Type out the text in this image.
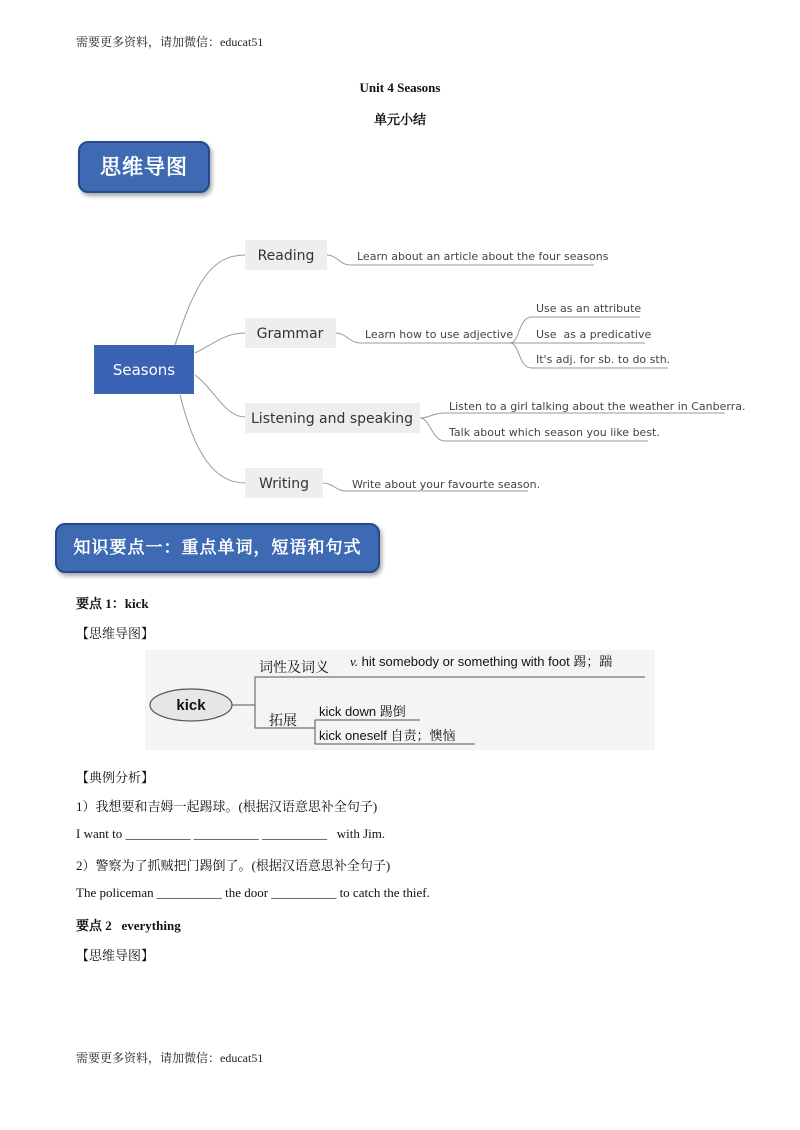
需要更多资料，请加微信：educat51
Unit 4 Seasons
单元小结
思维导图
Seasons
Reading	Learn about an article about the four seasons
Grammar	Learn how to use adjective
Use as an attribute
Use  as a predicative
It's adj. for sb. to do sth.
Listening and speaking
Listen to a girl talking about the weather in Canberra.
Talk about which season you like best.
Writing	Write about your favourte season.
知识要点一：重点单词，短语和句式
要点 1：kick
【思维导图】
kick
词性及词义 v. hit somebody or something with foot 踢；踹
拓展
kick down 踢倒
kick oneself 自责；懊恼
【典例分析】
1）我想要和吉姆一起踢球。(根据汉语意思补全句子)
I want to __________ __________ __________   with Jim.
2）警察为了抓贼把门踢倒了。(根据汉语意思补全句子)
The policeman __________ the door __________ to catch the thief.
要点 2   everything
【思维导图】
需要更多资料，请加微信：educat51
